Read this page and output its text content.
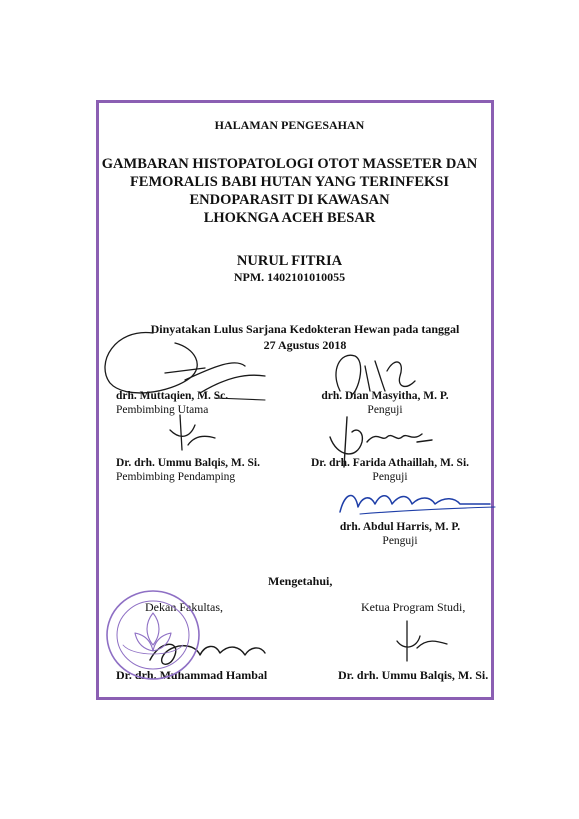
HALAMAN PENGESAHAN
GAMBARAN HISTOPATOLOGI OTOT MASSETER DAN
FEMORALIS BABI HUTAN YANG TERINFEKSI
ENDOPARASIT DI KAWASAN
LHOKNGA ACEH BESAR
NURUL FITRIA
NPM. 1402101010055
Dinyatakan Lulus Sarjana Kedokteran Hewan pada tanggal
27 Agustus 2018
drh. Muttaqien, M. Sc.
Pembimbing Utama
Dr. drh. Ummu Balqis, M. Si.
Pembimbing Pendamping
drh. Dian Masyitha, M. P.
Penguji
Dr. drh. Farida Athaillah, M. Si.
Penguji
drh. Abdul Harris, M. P.
Penguji
Mengetahui,
Dekan Fakultas,	Ketua Program Studi,
Dr. drh. Muhammad Hambal	Dr. drh. Ummu Balqis, M. Si.
